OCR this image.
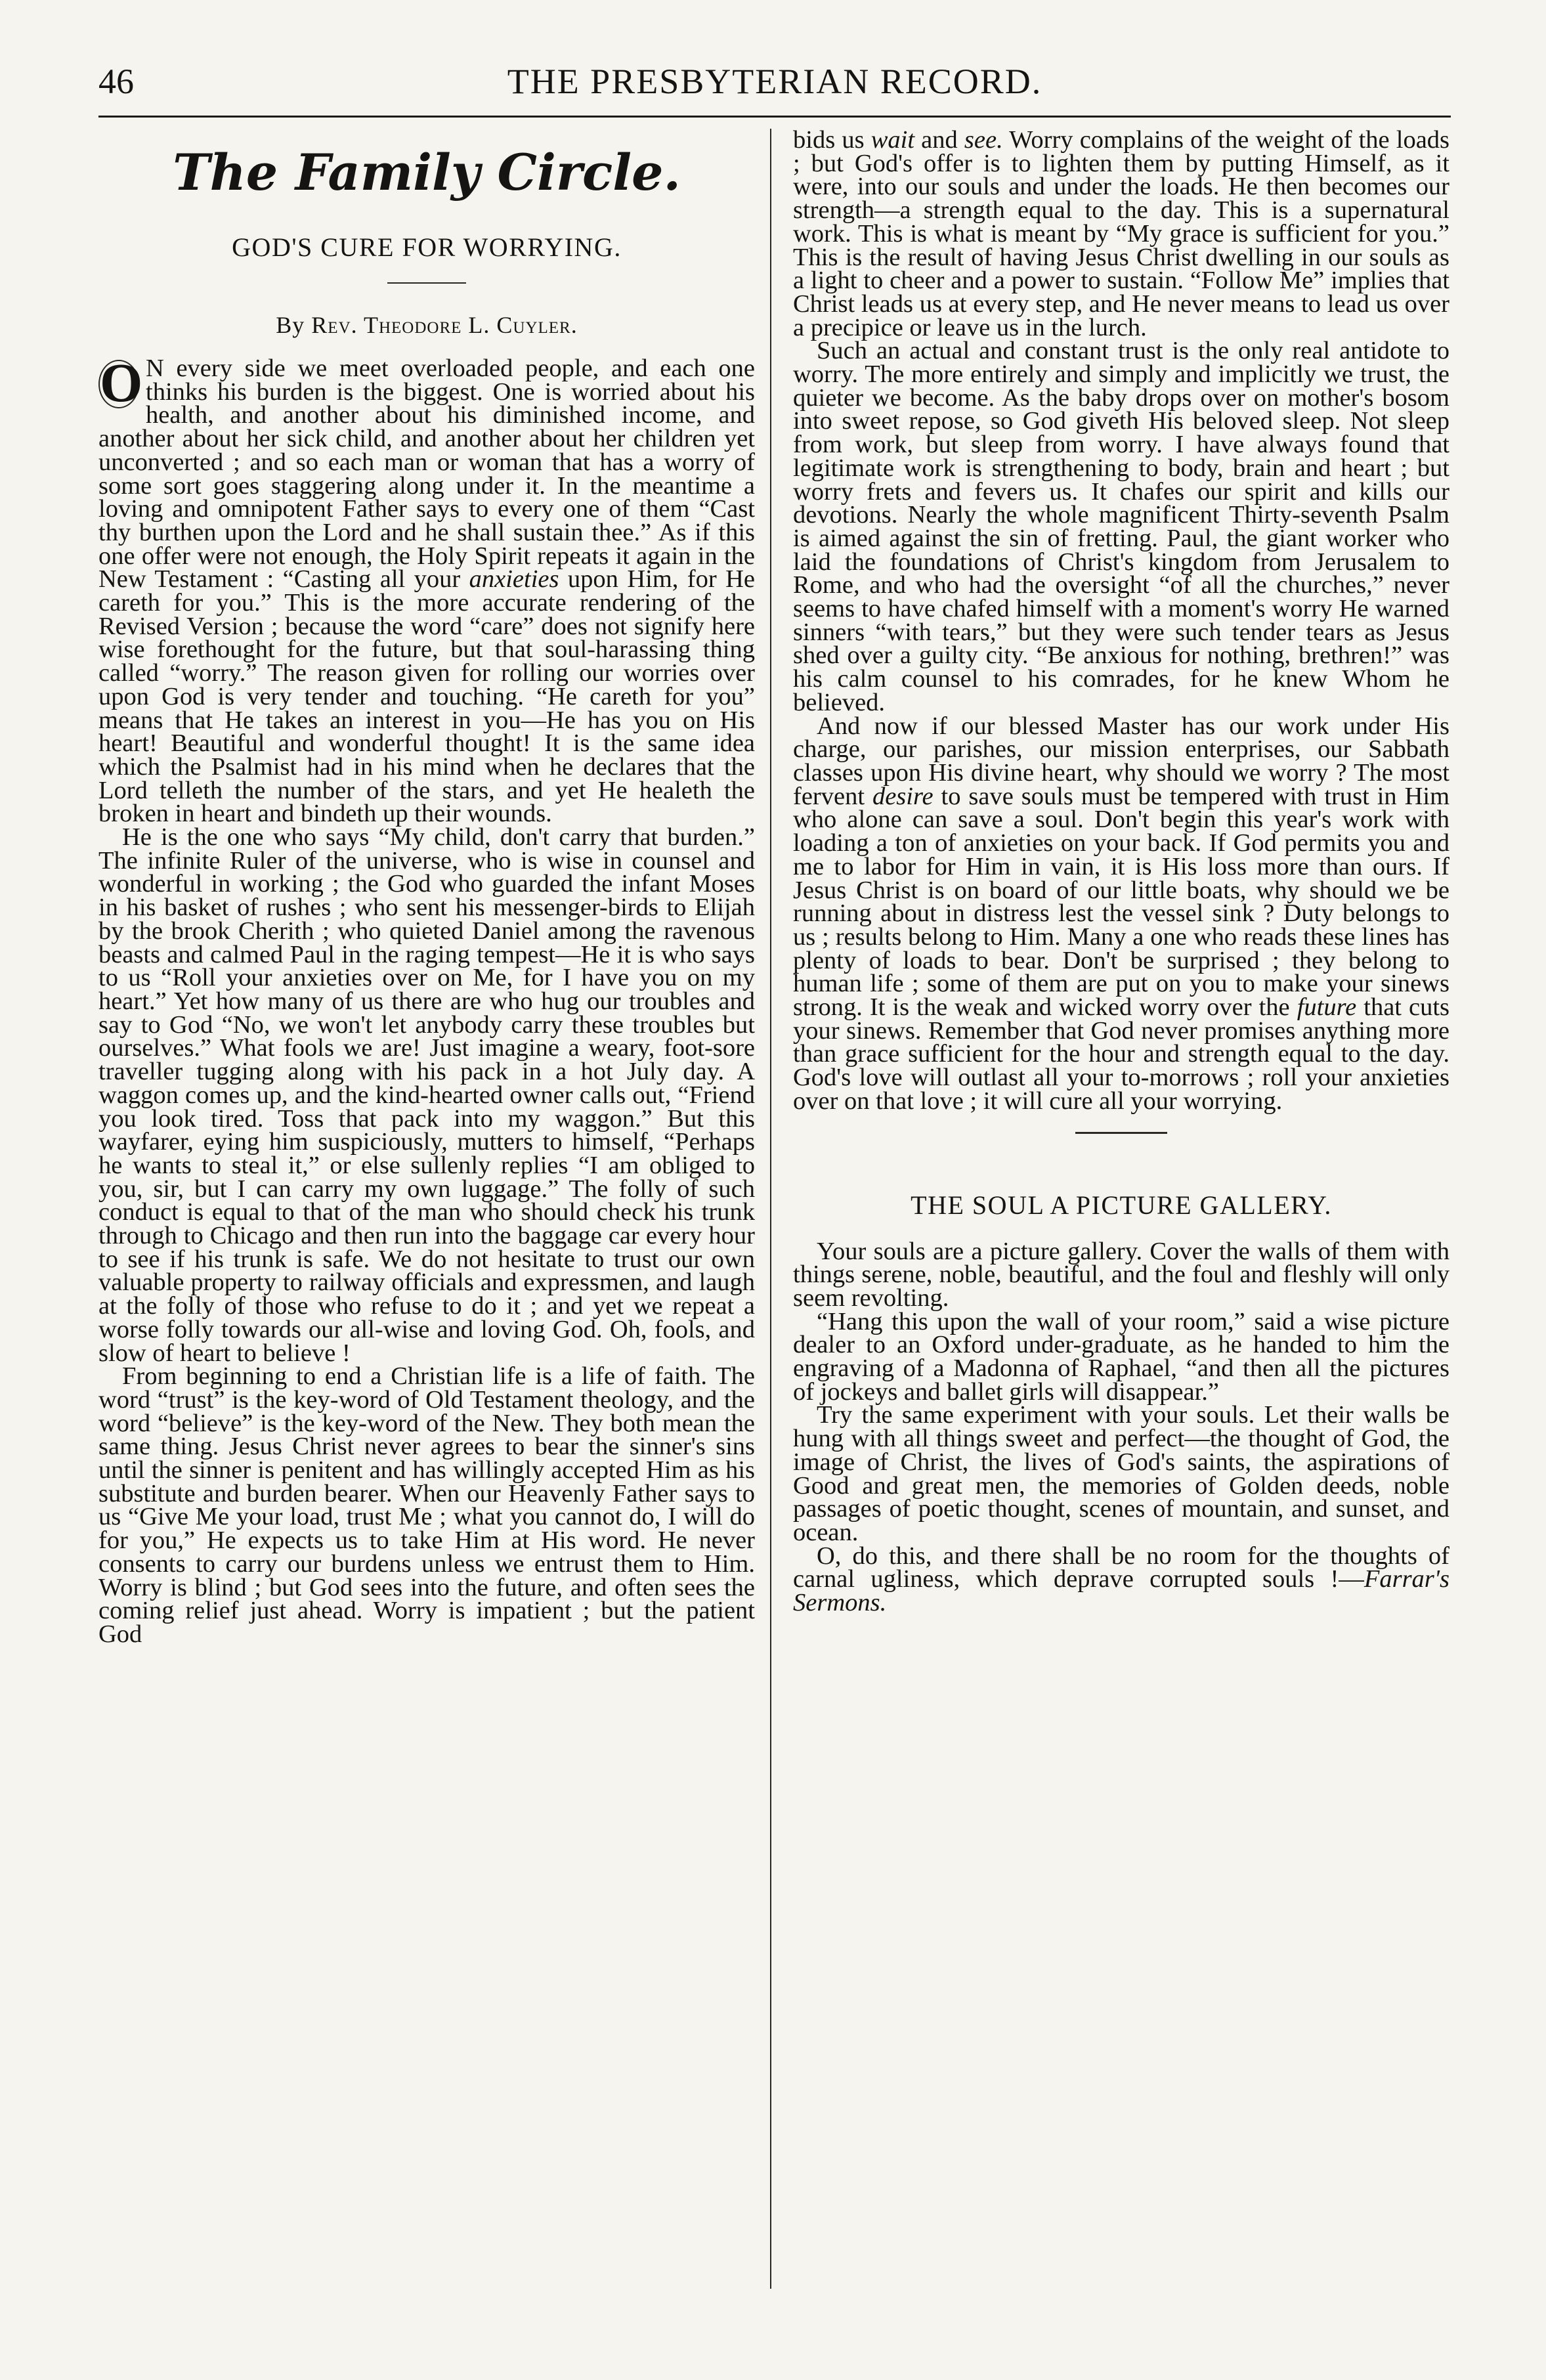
46	THE PRESBYTERIAN RECORD.
The Family Circle.
GOD'S CURE FOR WORRYING.
By Rev. Theodore L. Cuyler.

O N every side we meet overloaded people, and each one thinks his burden is the biggest. One is worried about his health, and another about his diminished income, and another about her sick child, and another about her children yet unconverted ; and so each man or woman that has a worry of some sort goes staggering along under it. In the meantime a loving and omnipotent Father says to every one of them “Cast thy burthen upon the Lord and he shall sustain thee.” As if this one offer were not enough, the Holy Spirit repeats it again in the New Testament : “Casting all your anxieties upon Him, for He careth for you.” This is the more accurate rendering of the Revised Version ; because the word “care” does not signify here wise forethought for the future, but that soul-harassing thing called “worry.” The reason given for rolling our worries over upon God is very tender and touching. “He careth for you” means that He takes an interest in you—He has you on His heart! Beautiful and wonderful thought! It is the same idea which the Psalmist had in his mind when he declares that the Lord telleth the number of the stars, and yet He healeth the broken in heart and bindeth up their wounds.

He is the one who says “My child, don't carry that burden.” The infinite Ruler of the universe, who is wise in counsel and wonderful in working ; the God who guarded the infant Moses in his basket of rushes ; who sent his messenger-birds to Elijah by the brook Cherith ; who quieted Daniel among the ravenous beasts and calmed Paul in the raging tempest—He it is who says to us “Roll your anxieties over on Me, for I have you on my heart.” Yet how many of us there are who hug our troubles and say to God “No, we won't let anybody carry these troubles but ourselves.” What fools we are! Just imagine a weary, foot-sore traveller tugging along with his pack in a hot July day. A waggon comes up, and the kind-hearted owner calls out, “Friend you look tired. Toss that pack into my waggon.” But this wayfarer, eying him suspiciously, mutters to himself, “Perhaps he wants to steal it,” or else sullenly replies “I am obliged to you, sir, but I can carry my own luggage.” The folly of such conduct is equal to that of the man who should check his trunk through to Chicago and then run into the baggage car every hour to see if his trunk is safe. We do not hesitate to trust our own valuable property to railway officials and expressmen, and laugh at the folly of those who refuse to do it ; and yet we repeat a worse folly towards our all-wise and loving God. Oh, fools, and slow of heart to believe !

From beginning to end a Christian life is a life of faith. The word “trust” is the key-word of Old Testament theology, and the word “believe” is the key-word of the New. They both mean the same thing. Jesus Christ never agrees to bear the sinner's sins until the sinner is penitent and has willingly accepted Him as his substitute and burden bearer. When our Heavenly Father says to us “Give Me your load, trust Me ; what you cannot do, I will do for you,” He expects us to take Him at His word. He never consents to carry our burdens unless we entrust them to Him. Worry is blind ; but God sees into the future, and often sees the coming relief just ahead. Worry is impatient ; but the patient God

bids us wait and see. Worry complains of the weight of the loads ; but God's offer is to lighten them by putting Himself, as it were, into our souls and under the loads. He then becomes our strength—a strength equal to the day. This is a supernatural work. This is what is meant by “My grace is sufficient for you.” This is the result of having Jesus Christ dwelling in our souls as a light to cheer and a power to sustain. “Follow Me” implies that Christ leads us at every step, and He never means to lead us over a precipice or leave us in the lurch.

Such an actual and constant trust is the only real antidote to worry. The more entirely and simply and implicitly we trust, the quieter we become. As the baby drops over on mother's bosom into sweet repose, so God giveth His beloved sleep. Not sleep from work, but sleep from worry. I have always found that legitimate work is strengthening to body, brain and heart ; but worry frets and fevers us. It chafes our spirit and kills our devotions. Nearly the whole magnificent Thirty-seventh Psalm is aimed against the sin of fretting. Paul, the giant worker who laid the foundations of Christ's kingdom from Jerusalem to Rome, and who had the oversight “of all the churches,” never seems to have chafed himself with a moment's worry He warned sinners “with tears,” but they were such tender tears as Jesus shed over a guilty city. “Be anxious for nothing, brethren!” was his calm counsel to his comrades, for he knew Whom he believed.

And now if our blessed Master has our work under His charge, our parishes, our mission enterprises, our Sabbath classes upon His divine heart, why should we worry ? The most fervent desire to save souls must be tempered with trust in Him who alone can save a soul. Don't begin this year's work with loading a ton of anxieties on your back. If God permits you and me to labor for Him in vain, it is His loss more than ours. If Jesus Christ is on board of our little boats, why should we be running about in distress lest the vessel sink ? Duty belongs to us ; results belong to Him. Many a one who reads these lines has plenty of loads to bear. Don't be surprised ; they belong to human life ; some of them are put on you to make your sinews strong. It is the weak and wicked worry over the future that cuts your sinews. Remember that God never promises anything more than grace sufficient for the hour and strength equal to the day. God's love will outlast all your to-morrows ; roll your anxieties over on that love ; it will cure all your worrying.

THE SOUL A PICTURE GALLERY.

Your souls are a picture gallery. Cover the walls of them with things serene, noble, beautiful, and the foul and fleshly will only seem revolting.

“Hang this upon the wall of your room,” said a wise picture dealer to an Oxford under-graduate, as he handed to him the engraving of a Madonna of Raphael, “and then all the pictures of jockeys and ballet girls will disappear.”

Try the same experiment with your souls. Let their walls be hung with all things sweet and perfect—the thought of God, the image of Christ, the lives of God's saints, the aspirations of Good and great men, the memories of Golden deeds, noble passages of poetic thought, scenes of mountain, and sunset, and ocean.

O, do this, and there shall be no room for the thoughts of carnal ugliness, which deprave corrupted souls !—Farrar's Sermons.
